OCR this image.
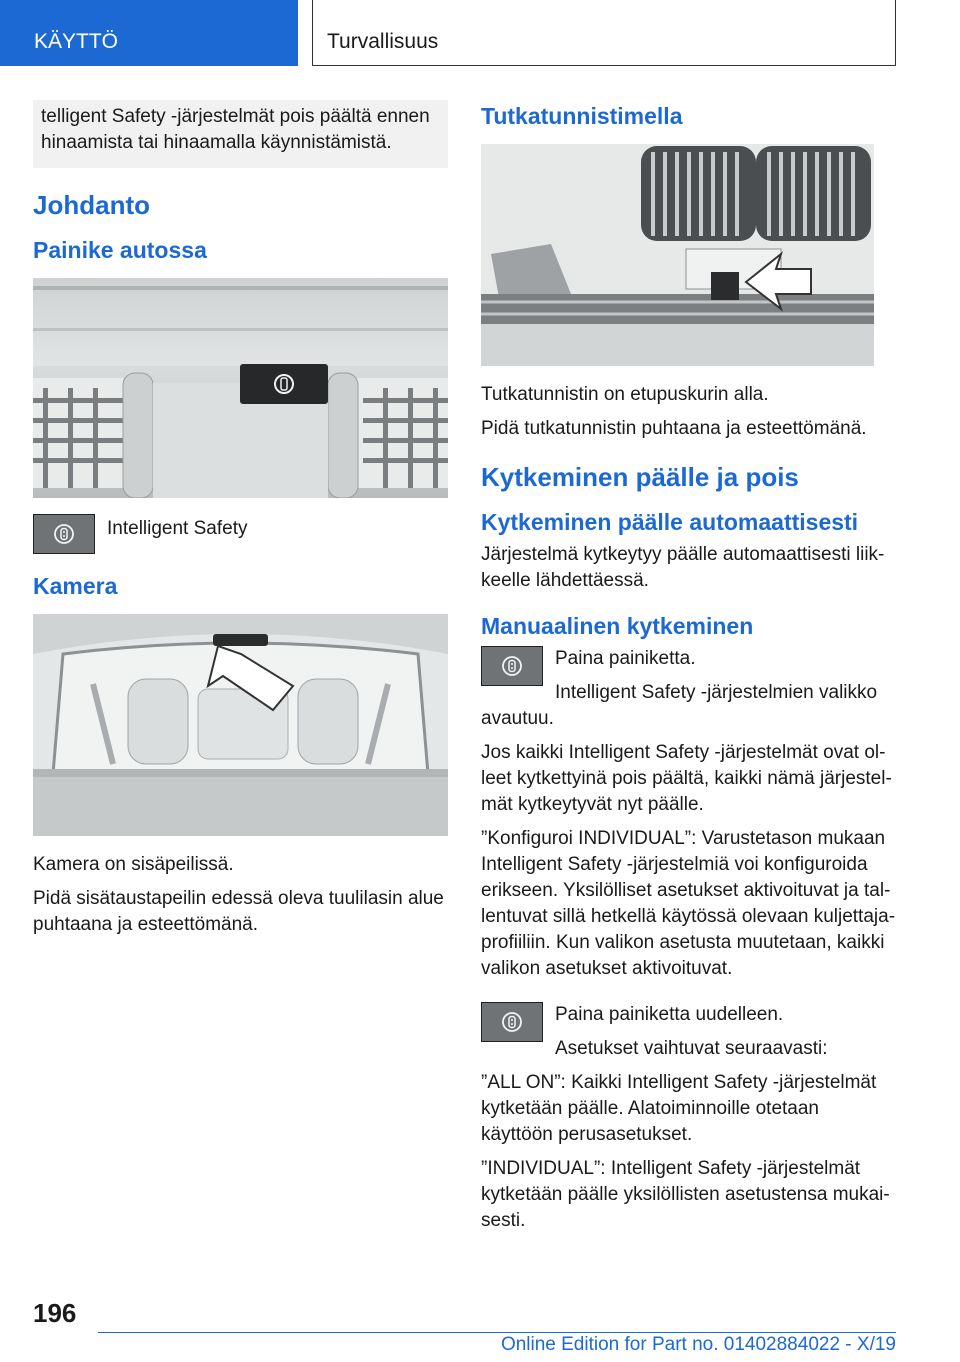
KÄYTTÖ	Turvallisuus

telligent Safety -järjestelmät pois päältä ennen hinaamista tai hinaamalla käynnistämistä.

Johdanto
Painike autossa

Intelligent Safety

Kamera

Kamera on sisäpeilissä.

Pidä sisätaustapeilin edessä oleva tuulilasin alue puhtaana ja esteettömänä.

Tutkatunnistimella

Tutkatunnistin on etupuskurin alla.

Pidä tutkatunnistin puhtaana ja esteettömänä.

Kytkeminen päälle ja pois
Kytkeminen päälle automaattisesti

Järjestelmä kytkeytyy päälle automaattisesti liikkeelle lähdettäessä.

Manuaalinen kytkeminen

Paina painiketta.

Intelligent Safety -järjestelmien valikko avautuu.

Jos kaikki Intelligent Safety -järjestelmät ovat olleet kytkettyinä pois päältä, kaikki nämä järjestelmät kytkeytyvät nyt päälle.

”Konfiguroi INDIVIDUAL”: Varustetason mukaan Intelligent Safety -järjestelmiä voi konfiguroida erikseen. Yksilölliset asetukset aktivoituvat ja tallentuvat sillä hetkellä käytössä olevaan kuljettajaprofiiliin. Kun valikon asetusta muutetaan, kaikki valikon asetukset aktivoituvat.

Paina painiketta uudelleen.

Asetukset vaihtuvat seuraavasti:

”ALL ON”: Kaikki Intelligent Safety -järjestelmät kytketään päälle. Alatoiminnoille otetaan käyttöön perusasetukset.

”INDIVIDUAL”: Intelligent Safety -järjestelmät kytketään päälle yksilöllisten asetustensa mukaisesti.

196
Online Edition for Part no. 01402884022 - X/19
